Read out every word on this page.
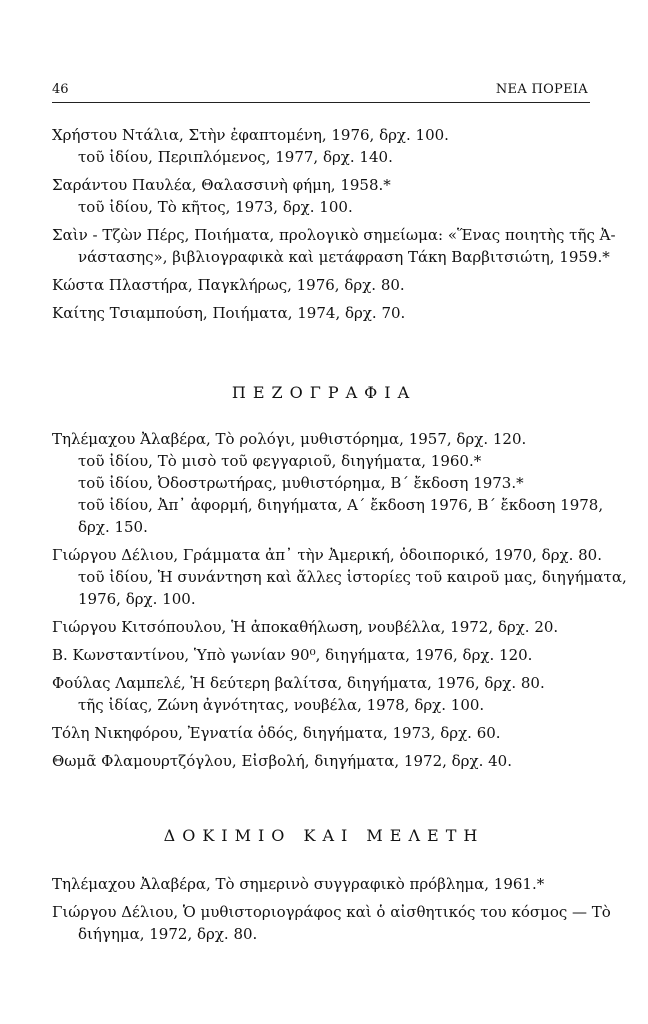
46	ΝΕΑ ΠΟΡΕΙΑ

Χρήστου Ντάλια, Στὴν ἐφαπτομένη, 1976, δρχ. 100.

τοῦ ἰδίου, Περιπλόμενος, 1977, δρχ. 140.

Σαράντου Παυλέα, Θαλασσινὴ φήμη, 1958.*

τοῦ ἰδίου, Τὸ κῆτος, 1973, δρχ. 100.

Σαὶν - Τζὼν Πέρς, Ποιήματα, προλογικὸ σημείωμα: «Ἕνας ποιητὴς τῆς Ἀ-

νάστασης», βιβλιογραφικὰ καὶ μετάφραση Τάκη Βαρβιτσιώτη, 1959.*

Κώστα Πλαστήρα, Παγκλήρως, 1976, δρχ. 80.

Καίτης Τσιαμπούση, Ποιήματα, 1974, δρχ. 70.

ΠΕΖΟΓΡΑΦΙΑ

Τηλέμαχου Ἀλαβέρα, Τὸ ρολόγι, μυθιστόρημα, 1957, δρχ. 120.

τοῦ ἰδίου, Τὸ μισὸ τοῦ φεγγαριοῦ, διηγήματα, 1960.*

τοῦ ἰδίου, Ὀδοστρωτήρας, μυθιστόρημα, Β΄ ἔκδοση 1973.*

τοῦ ἰδίου, Ἀπ᾽ ἀφορμή, διηγήματα, Α΄ ἔκδοση 1976, Β΄ ἔκδοση 1978,

δρχ. 150.

Γιώργου Δέλιου, Γράμματα ἀπ᾽ τὴν Ἀμερική, ὁδοιπορικό, 1970, δρχ. 80.

τοῦ ἰδίου, Ἡ συνάντηση καὶ ἄλλες ἱστορίες τοῦ καιροῦ μας, διηγήματα,

1976, δρχ. 100.

Γιώργου Κιτσόπουλου, Ἡ ἀποκαθήλωση, νουβέλλα, 1972, δρχ. 20.

Β. Κωνσταντίνου, Ὑπὸ γωνίαν 90⁰, διηγήματα, 1976, δρχ. 120.

Φούλας Λαμπελέ, Ἡ δεύτερη βαλίτσα, διηγήματα, 1976, δρχ. 80.

τῆς ἰδίας, Ζώνη ἀγνότητας, νουβέλα, 1978, δρχ. 100.

Τόλη Νικηφόρου, Ἐγνατία ὁδός, διηγήματα, 1973, δρχ. 60.

Θωμᾶ Φλαμουρτζόγλου, Εἰσβολή, διηγήματα, 1972, δρχ. 40.

ΔΟΚΙΜΙΟ ΚΑΙ ΜΕΛΕΤΗ

Τηλέμαχου Ἀλαβέρα, Τὸ σημερινὸ συγγραφικὸ πρόβλημα, 1961.*

Γιώργου Δέλιου, Ὁ μυθιστοριογράφος καὶ ὁ αἰσθητικός του κόσμος — Τὸ

διήγημα, 1972, δρχ. 80.
